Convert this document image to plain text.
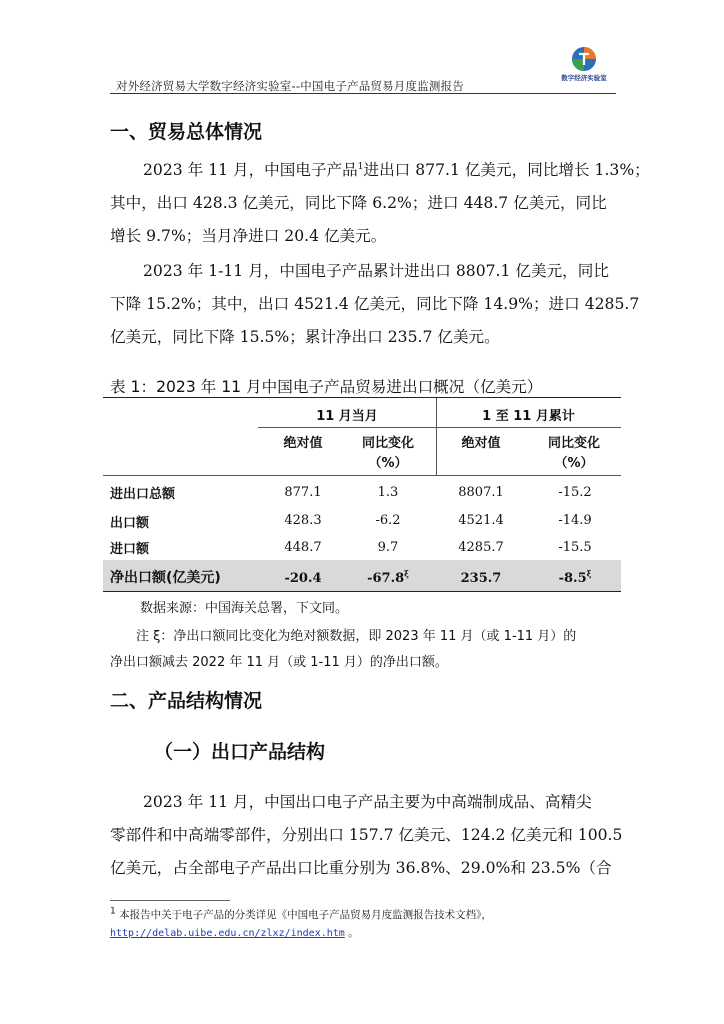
对外经济贸易大学数字经济实验室--中国电子产品贸易月度监测报告
数字经济实验室
一、贸易总体情况
2023 年 11 月，中国电子产品$^1$进出口 877.1 亿美元，同比增长 1.3%；
其中，出口 428.3 亿美元，同比下降 6.2%；进口 448.7 亿美元，同比
增长 9.7%；当月净进口 20.4 亿美元。
2023 年 1-11 月，中国电子产品累计进出口 8807.1 亿美元，同比
下降 15.2%；其中，出口 4521.4 亿美元，同比下降 14.9%；进口 4285.7
亿美元，同比下降 15.5%；累计净出口 235.7 亿美元。
表 1：2023 年 11 月中国电子产品贸易进出口概况（亿美元）
11 月当月	1 至 11 月累计
绝对值	同比变化
（%）
绝对值	同比变化
（%）
进出口总额	877.1	1.3	8807.1	-15.2
出口额	428.3	-6.2	4521.4	-14.9
进口额	448.7	9.7	4285.7	-15.5
净出口额(亿美元)	-20.4	$-67.8^\xi$	235.7	$-8.5^\xi$
数据来源：中国海关总署，下文同。
注 ξ：净出口额同比变化为绝对额数据，即 2023 年 11 月（或 1-11 月）的
净出口额减去 2022 年 11 月（或 1-11 月）的净出口额。
二、产品结构情况
（一）出口产品结构
2023 年 11 月，中国出口电子产品主要为中高端制成品、高精尖
零部件和中高端零部件，分别出口 157.7 亿美元、124.2 亿美元和 100.5
亿美元，占全部电子产品出口比重分别为 36.8%、29.0%和 23.5%（合
$^1$ 本报告中关于电子产品的分类详见《中国电子产品贸易月度监测报告技术文档》，
http://delab.uibe.edu.cn/zlxz/index.htm 。
